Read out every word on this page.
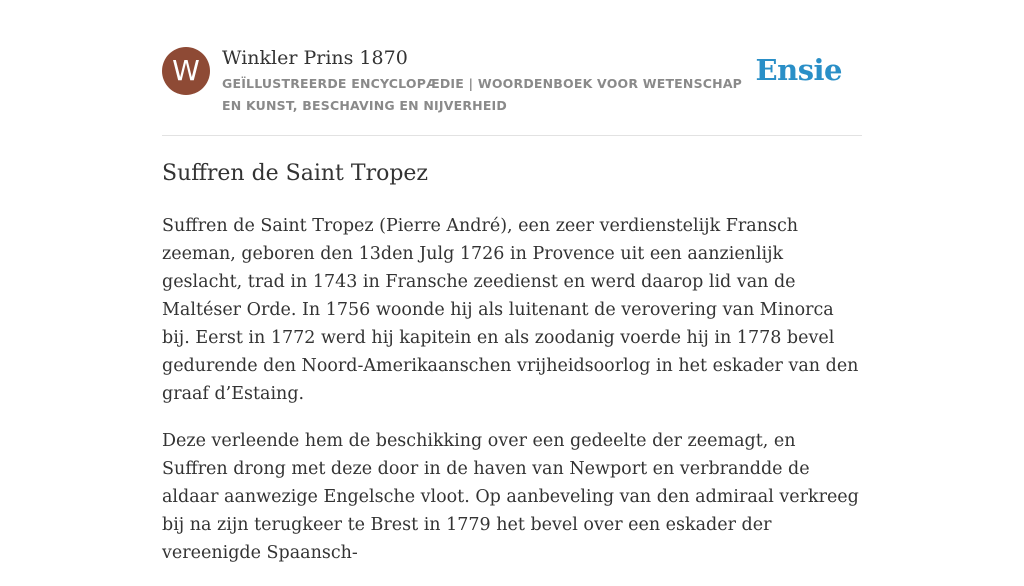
W	Winkler Prins 1870
GEÏLLUSTREERDE ENCYCLOPÆDIE | WOORDENBOEK VOOR WETENSCHAP EN KUNST, BESCHAVING EN NIJVERHEID
Ensie
Suffren de Saint Tropez

Suffren de Saint Tropez (Pierre André), een zeer verdienstelijk Fransch zeeman, geboren den 13den Julg 1726 in Provence uit een aanzienlijk geslacht, trad in 1743 in Fransche zeedienst en werd daarop lid van de Maltéser Orde. In 1756 woonde hij als luitenant de verovering van Minorca bij. Eerst in 1772 werd hij kapitein en als zoodanig voerde hij in 1778 bevel gedurende den Noord-Amerikaanschen vrijheidsoorlog in het eskader van den graaf d’Estaing.

Deze verleende hem de beschikking over een gedeelte der zeemagt, en Suffren drong met deze door in de haven van Newport en verbrandde de aldaar aanwezige Engelsche vloot. Op aanbeveling van den admiraal verkreeg bij na zijn terugkeer te Brest in 1779 het bevel over een eskader der vereenigde Spaansch-
